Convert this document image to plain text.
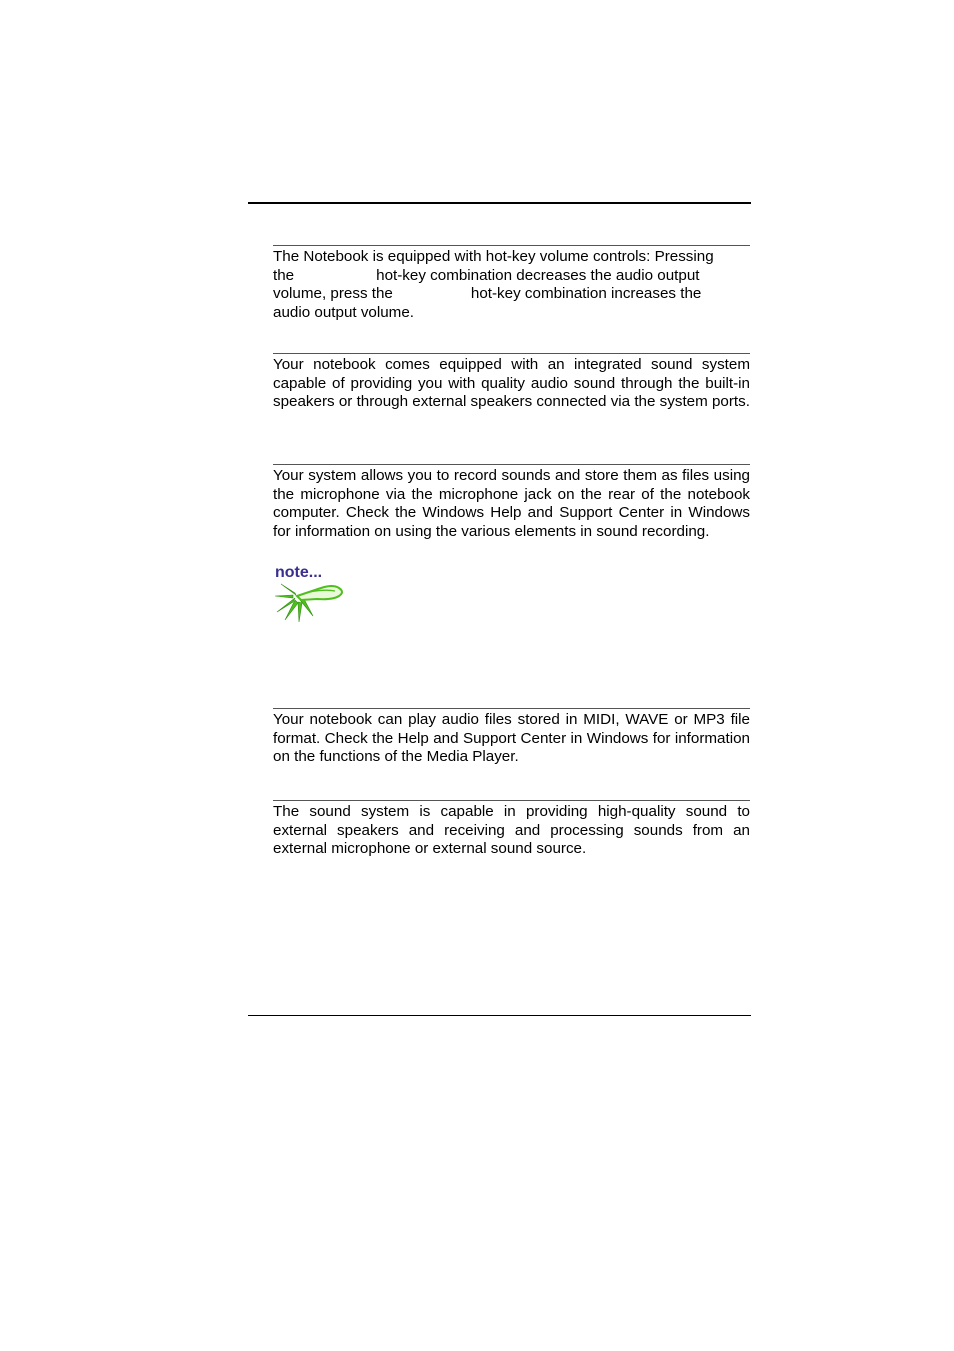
The Notebook is equipped with hot-key volume controls: Pressing
the	hot-key combination decreases the audio output
volume, press the	hot-key combination increases the
audio output volume.

Your notebook comes equipped with an integrated sound system capable of providing you with quality audio sound through the built-in speakers or through external speakers connected via the system ports.

Your system allows you to record sounds and store them as files using the microphone via the microphone jack on the rear of the notebook computer. Check the Windows Help and Support Center in Windows for information on using the various elements in sound recording.

note...

Your notebook can play audio files stored in MIDI, WAVE or MP3 file format. Check the Help and Support Center in Windows for information on the functions of the Media Player.

The sound system is capable in providing high-quality sound to external speakers and receiving and processing sounds from an external microphone or external sound source.
